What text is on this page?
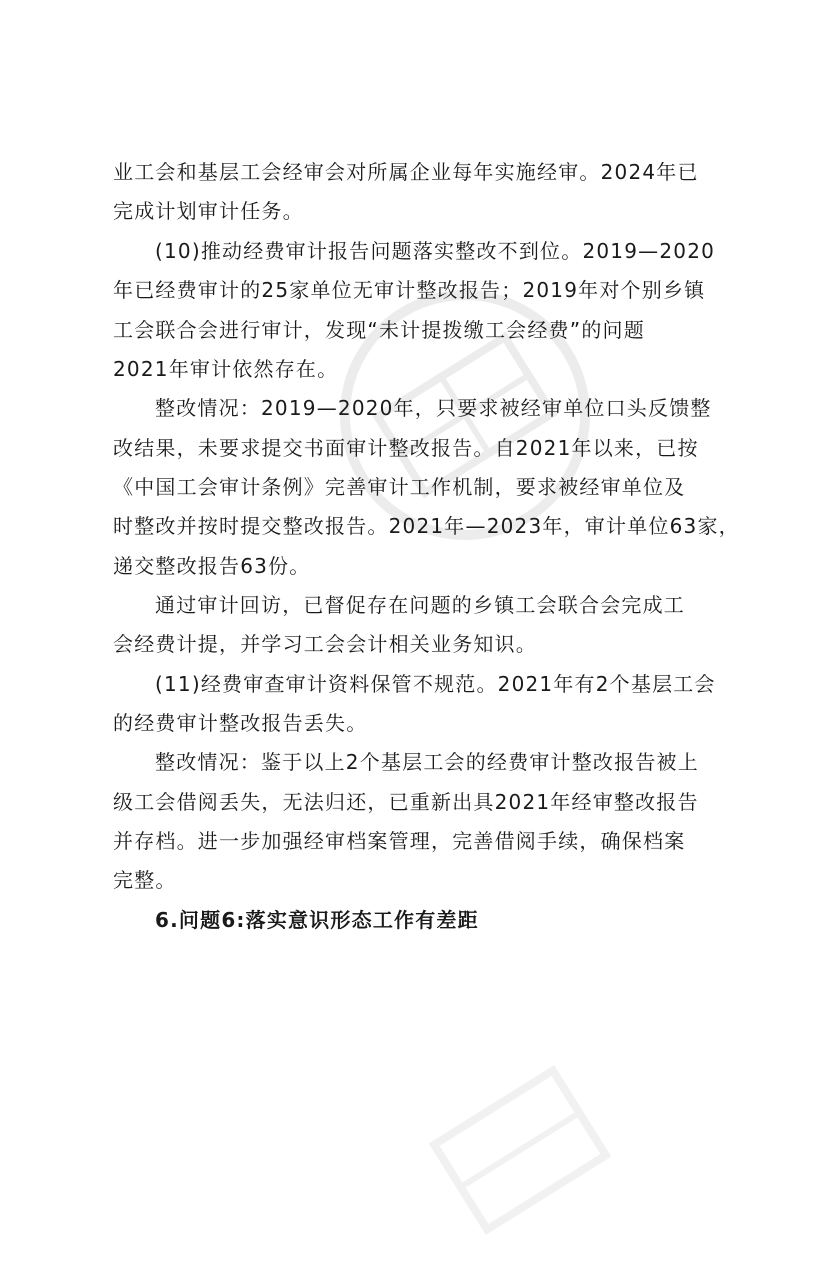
业工会和基层工会经审会对所属企业每年实施经审。2024年已
完成计划审计任务。
(10)推动经费审计报告问题落实整改不到位。2019—2020
年已经费审计的25家单位无审计整改报告；2019年对个别乡镇
工会联合会进行审计，发现“未计提拨缴工会经费”的问题
2021年审计依然存在。
整改情况：2019—2020年，只要求被经审单位口头反馈整
改结果，未要求提交书面审计整改报告。自2021年以来，已按
《中国工会审计条例》完善审计工作机制，要求被经审单位及
时整改并按时提交整改报告。2021年—2023年，审计单位63家，
递交整改报告63份。
通过审计回访，已督促存在问题的乡镇工会联合会完成工
会经费计提，并学习工会会计相关业务知识。
(11)经费审查审计资料保管不规范。2021年有2个基层工会
的经费审计整改报告丢失。
整改情况：鉴于以上2个基层工会的经费审计整改报告被上
级工会借阅丢失，无法归还，已重新出具2021年经审整改报告
并存档。进一步加强经审档案管理，完善借阅手续，确保档案
完整。
6.问题6:落实意识形态工作有差距
